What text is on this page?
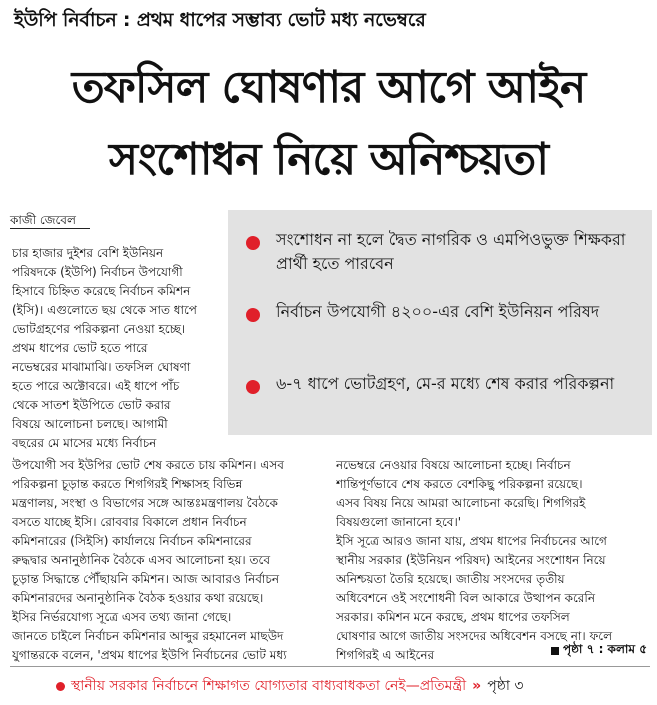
ইউপি নির্বাচন : প্রথম ধাপের সম্ভাব্য ভোট মধ্য নভেম্বরে
তফসিল ঘোষণার আগে আইন
সংশোধন নিয়ে অনিশ্চয়তা
কাজী জেবেল
সংশোধন না হলে দ্বৈত নাগরিক ও এমপিওভুক্ত শিক্ষকরা প্রার্থী হতে পারবেন
নির্বাচন উপযোগী ৪২০০-এর বেশি ইউনিয়ন পরিষদ
৬-৭ ধাপে ভোটগ্রহণ, মে-র মধ্যে শেষ করার পরিকল্পনা
চার হাজার দুইশর বেশি ইউনিয়ন
পরিষদকে (ইউপি) নির্বাচন উপযোগী
হিসাবে চিহ্নিত করেছে নির্বাচন কমিশন
(ইসি)। এগুলোতে ছয় থেকে সাত ধাপে
ভোটগ্রহণের পরিকল্পনা নেওয়া হচ্ছে।
প্রথম ধাপের ভোট হতে পারে
নভেম্বরের মাঝামাঝি। তফসিল ঘোষণা
হতে পারে অক্টোবরে। এই ধাপে পাঁচ
থেকে সাতশ ইউপিতে ভোট করার
বিষয়ে আলোচনা চলছে। আগামী
বছরের মে মাসের মধ্যে নির্বাচন
উপযোগী সব ইউপির ভোট শেষ করতে চায় কমিশন। এসব
পরিকল্পনা চূড়ান্ত করতে শিগগিরই শিক্ষাসহ বিভিন্ন
মন্ত্রণালয়, সংস্থা ও বিভাগের সঙ্গে আন্তঃমন্ত্রণালয় বৈঠকে
বসতে যাচ্ছে ইসি। রোববার বিকালে প্রধান নির্বাচন
কমিশনারের (সিইসি) কার্যালয়ে নির্বাচন কমিশনারের
রুদ্ধদ্বার অনানুষ্ঠানিক বৈঠকে এসব আলোচনা হয়। তবে
চূড়ান্ত সিদ্ধান্তে পৌঁছায়নি কমিশন। আজ আবারও নির্বাচন
কমিশনারদের অনানুষ্ঠানিক বৈঠক হওয়ার কথা রয়েছে।
ইসির নির্ভরযোগ্য সূত্রে এসব তথ্য জানা গেছে।
জানতে চাইলে নির্বাচন কমিশনার আব্দুর রহমানেল মাছউদ
যুগান্তরকে বলেন, 'প্রথম ধাপের ইউপি নির্বাচনের ভোট মধ্য
নভেম্বরে নেওয়ার বিষয়ে আলোচনা হচ্ছে। নির্বাচন
শান্তিপূর্ণভাবে শেষ করতে বেশকিছু পরিকল্পনা রয়েছে।
এসব বিষয় নিয়ে আমরা আলোচনা করেছি। শিগগিরই
বিষয়গুলো জানানো হবে।'
ইসি সূত্রে আরও জানা যায়, প্রথম ধাপের নির্বাচনের আগে
স্থানীয় সরকার (ইউনিয়ন পরিষদ) আইনের সংশোধন নিয়ে
অনিশ্চয়তা তৈরি হয়েছে। জাতীয় সংসদের তৃতীয়
অধিবেশনে ওই সংশোধনী বিল আকারে উত্থাপন করেনি
সরকার। কমিশন মনে করছে, প্রথম ধাপের তফসিল
ঘোষণার আগে জাতীয় সংসদের অধিবেশন বসছে না। ফলে
শিগগিরই এ আইনের	পৃষ্ঠা ৭ : কলাম ৫
স্থানীয় সরকার নির্বাচনে শিক্ষাগত যোগ্যতার বাধ্যবাধকতা নেই—প্রতিমন্ত্রী » পৃষ্ঠা ৩
